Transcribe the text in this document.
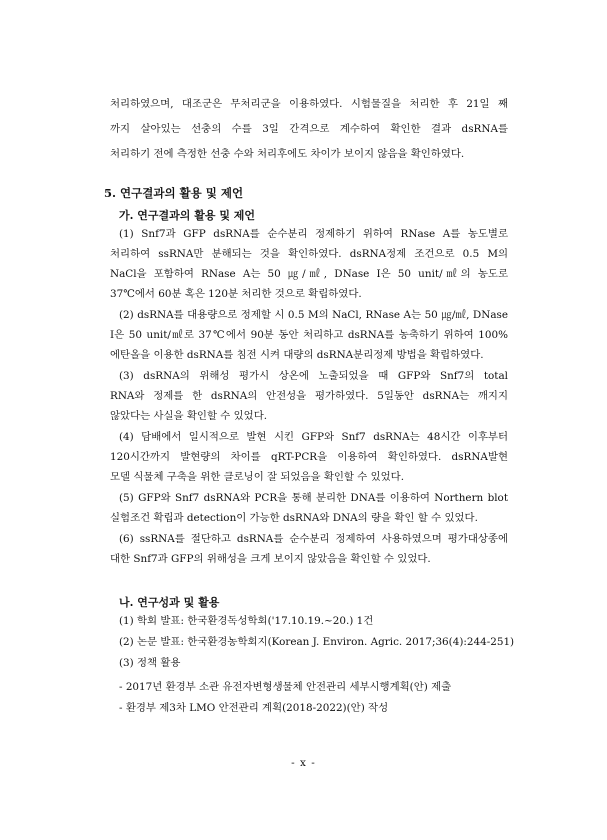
처리하였으며, 대조군은 무처리군을 이용하였다. 시험물질을 처리한 후 21일 째
까지 살아있는 선충의 수를 3일 간격으로 계수하여 확인한 결과 dsRNA를
처리하기 전에 측정한 선충 수와 처리후에도 차이가 보이지 않음을 확인하였다.
5. 연구결과의 활용 및 제언
가. 연구결과의 활용 및 제언
(1) Snf7과 GFP dsRNA를 순수분리 정제하기 위하여 RNase A를 농도별로
처리하여 ssRNA만 분해되는 것을 확인하였다. dsRNA정제 조건으로 0.5 M의
NaCl을 포함하여 RNase A는 50 ㎍/㎖, DNase I은 50 unit/㎖의 농도로
37℃에서 60분 혹은 120분 처리한 것으로 확립하였다.
(2) dsRNA를 대용량으로 정제할 시 0.5 M의 NaCl, RNase A는 50 ㎍/㎖, DNase
I은 50 unit/㎖로 37℃에서 90분 동안 처리하고 dsRNA를 농축하기 위하여 100%
에탄올을 이용한 dsRNA를 침전 시켜 대량의 dsRNA분리정제 방법을 확립하였다.
(3) dsRNA의 위해성 평가시 상온에 노출되었을 때 GFP와 Snf7의 total
RNA와 정제를 한 dsRNA의 안전성을 평가하였다. 5일동안 dsRNA는 깨지지
않았다는 사실을 확인할 수 있었다.
(4) 담배에서 일시적으로 발현 시킨 GFP와 Snf7 dsRNA는 48시간 이후부터
120시간까지 발현량의 차이를 qRT-PCR을 이용하여 확인하였다. dsRNA발현
모델 식물체 구축을 위한 클로닝이 잘 되었음을 확인할 수 있었다.
(5) GFP와 Snf7 dsRNA와 PCR을 통해 분리한 DNA를 이용하여 Northern blot
실험조건 확립과 detection이 가능한 dsRNA와 DNA의 량을 확인 할 수 있었다.
(6) ssRNA를 절단하고 dsRNA를 순수분리 정제하여 사용하였으며 평가대상종에
대한 Snf7과 GFP의 위해성을 크게 보이지 않았음을 확인할 수 있었다.
나. 연구성과 및 활용
(1) 학회 발표: 한국환경독성학회('17.10.19.~20.) 1건
(2) 논문 발표: 한국환경농학회지(Korean J. Environ. Agric. 2017;36(4):244-251)
(3) 정책 활용
- 2017년 환경부 소관 유전자변형생물체 안전관리 세부시행계획(안) 제출
- 환경부 제3차 LMO 안전관리 계획(2018-2022)(안) 작성
- x -
